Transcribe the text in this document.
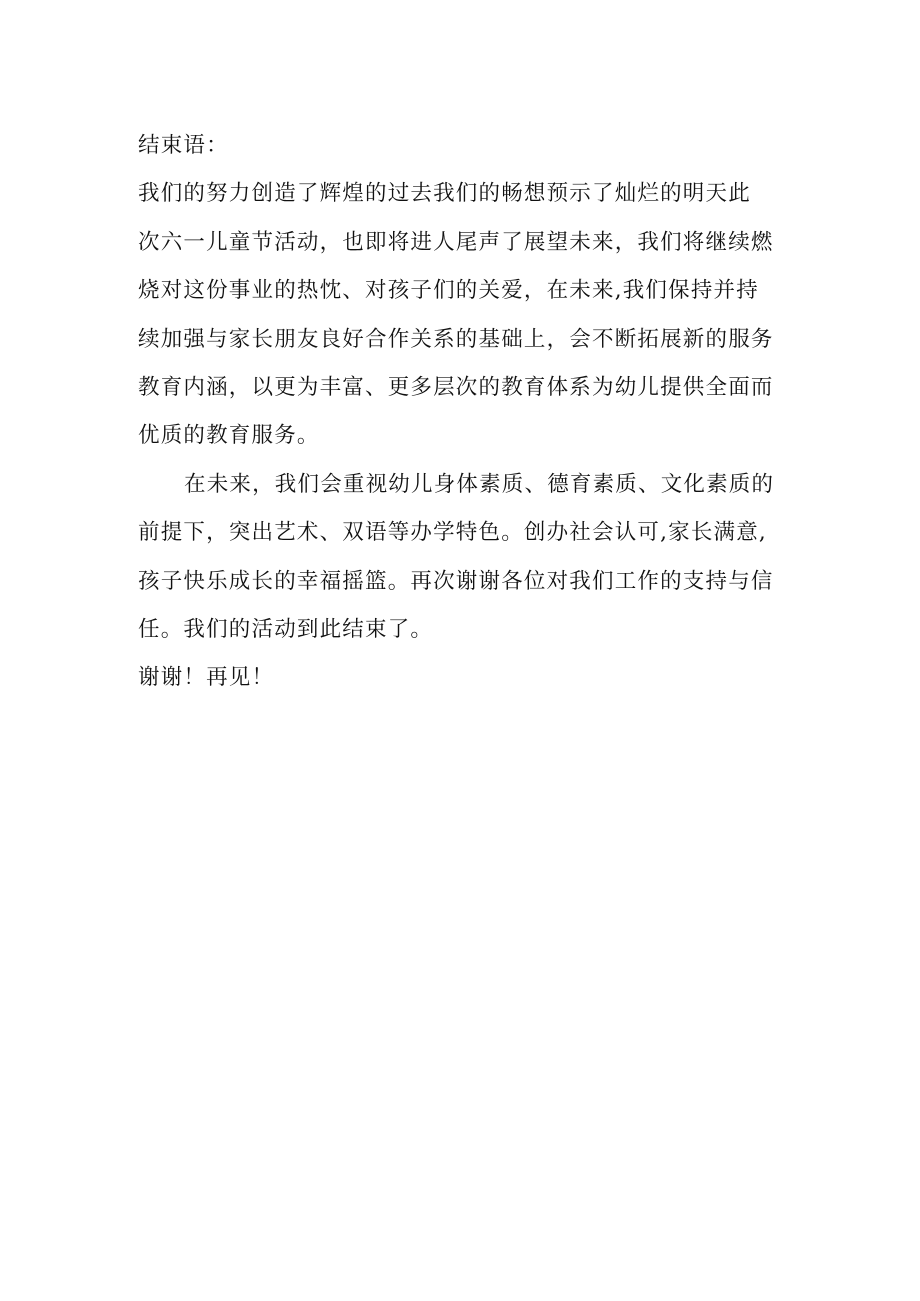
结束语：
我们的努力创造了辉煌的过去我们的畅想预示了灿烂的明天此
次六一儿童节活动，也即将进人尾声了展望未来，我们将继续燃
烧对这份事业的热忱、对孩子们的关爱，在未来,我们保持并持
续加强与家长朋友良好合作关系的基础上，会不断拓展新的服务
教育内涵，以更为丰富、更多层次的教育体系为幼儿提供全面而
优质的教育服务。
在未来，我们会重视幼儿身体素质、德育素质、文化素质的
前提下，突出艺术、双语等办学特色。创办社会认可,家长满意,
孩子快乐成长的幸福摇篮。再次谢谢各位对我们工作的支持与信
任。我们的活动到此结束了。
谢谢！再见！
